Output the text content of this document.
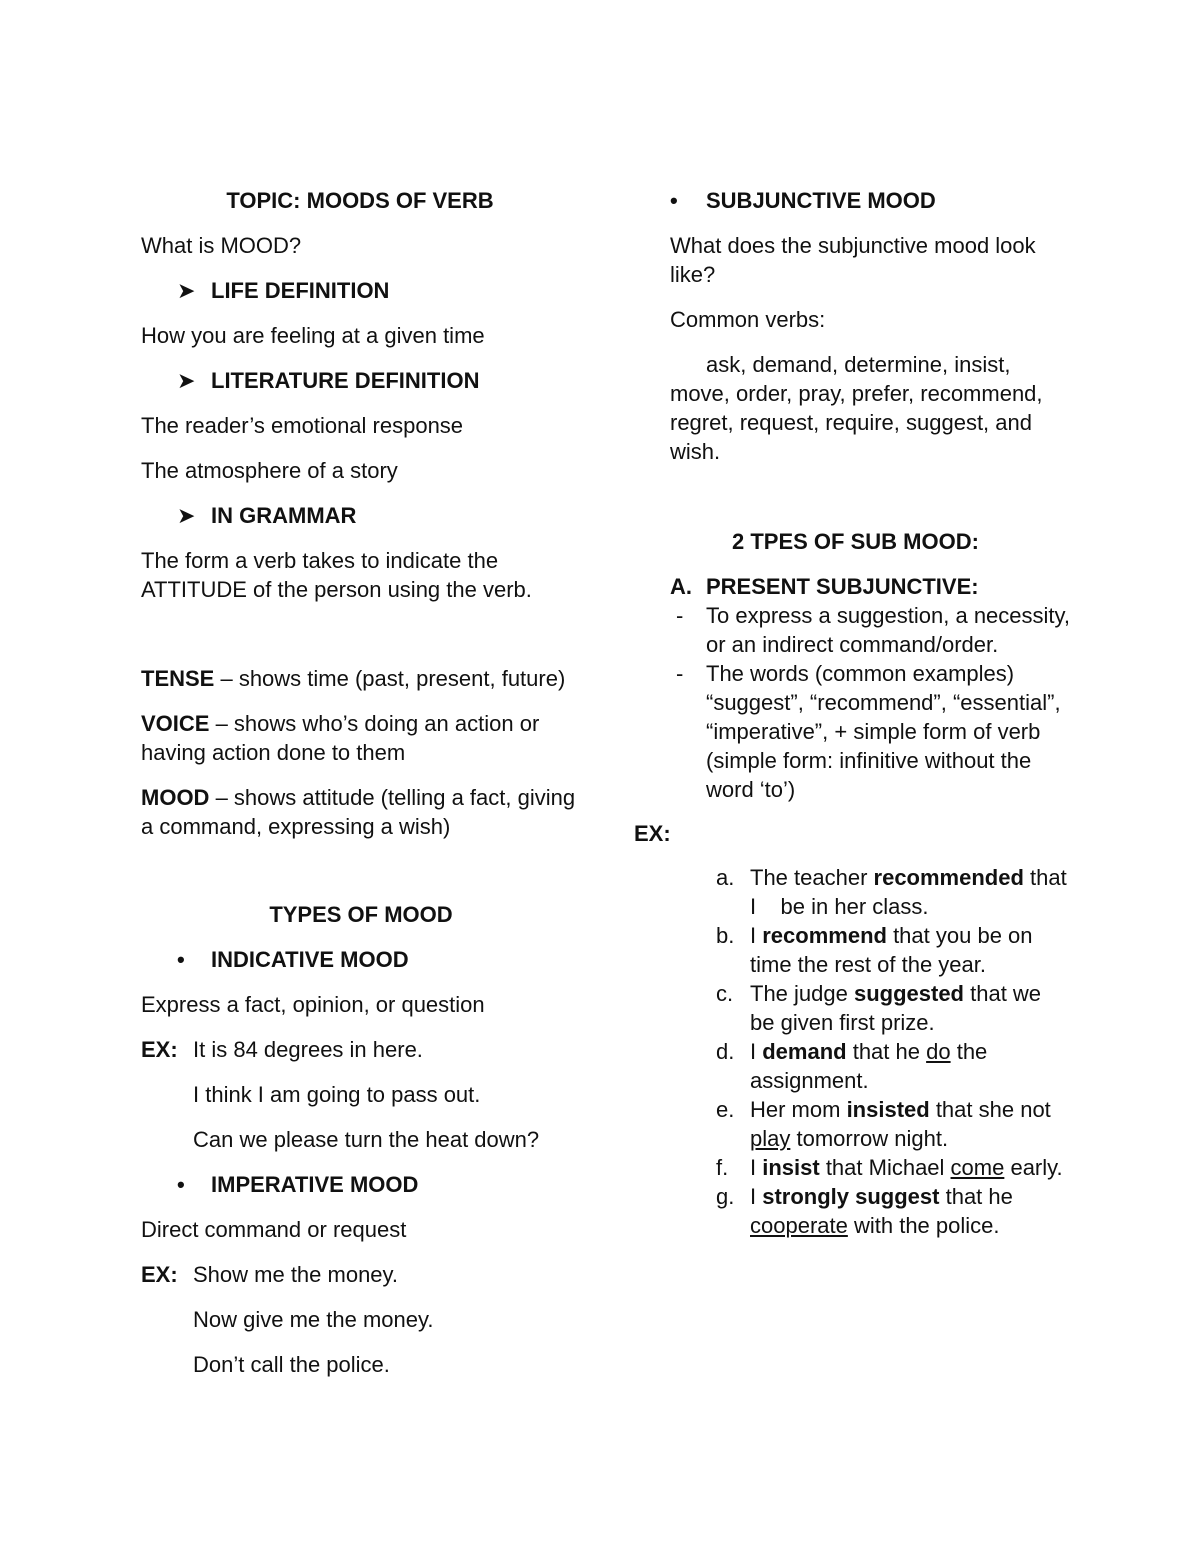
TOPIC: MOODS OF VERB

What is MOOD?

➤ LIFE DEFINITION

How you are feeling at a given time

➤ LITERATURE DEFINITION

The reader’s emotional response

The atmosphere of a story

➤ IN GRAMMAR

The form a verb takes to indicate the ATTITUDE of the person using the verb.

TENSE – shows time (past, present, future)

VOICE – shows who’s doing an action or having action done to them

MOOD – shows attitude (telling a fact, giving a command, expressing a wish)

TYPES OF MOOD

•	INDICATIVE MOOD

Express a fact, opinion, or question

EX: It is 84 degrees in here.

I think I am going to pass out.

Can we please turn the heat down?

•	IMPERATIVE MOOD

Direct command or request

EX: Show me the money.

Now give me the money.

Don’t call the police.

•	SUBJUNCTIVE MOOD

What does the subjunctive mood look like?

Common verbs:

ask, demand, determine, insist,

move, order, pray, prefer, recommend, regret, request, require, suggest, and wish.

2 TPES OF SUB MOOD:

A. PRESENT SUBJUNCTIVE:
-	To express a suggestion, a necessity, or an indirect command/order.
-	The words (common examples) “suggest”, “recommend”, “essential”, “imperative”, + simple form of verb (simple form: infinitive without the word ‘to’)

EX:

a. The teacher recommended that I    be in her class.
b. I recommend that you be on time the rest of the year.
c. The judge suggested that we be given first prize.
d. I demand that he do the assignment.
e. Her mom insisted that she not play tomorrow night.
f. I insist that Michael come early.
g. I strongly suggest that he cooperate with the police.
